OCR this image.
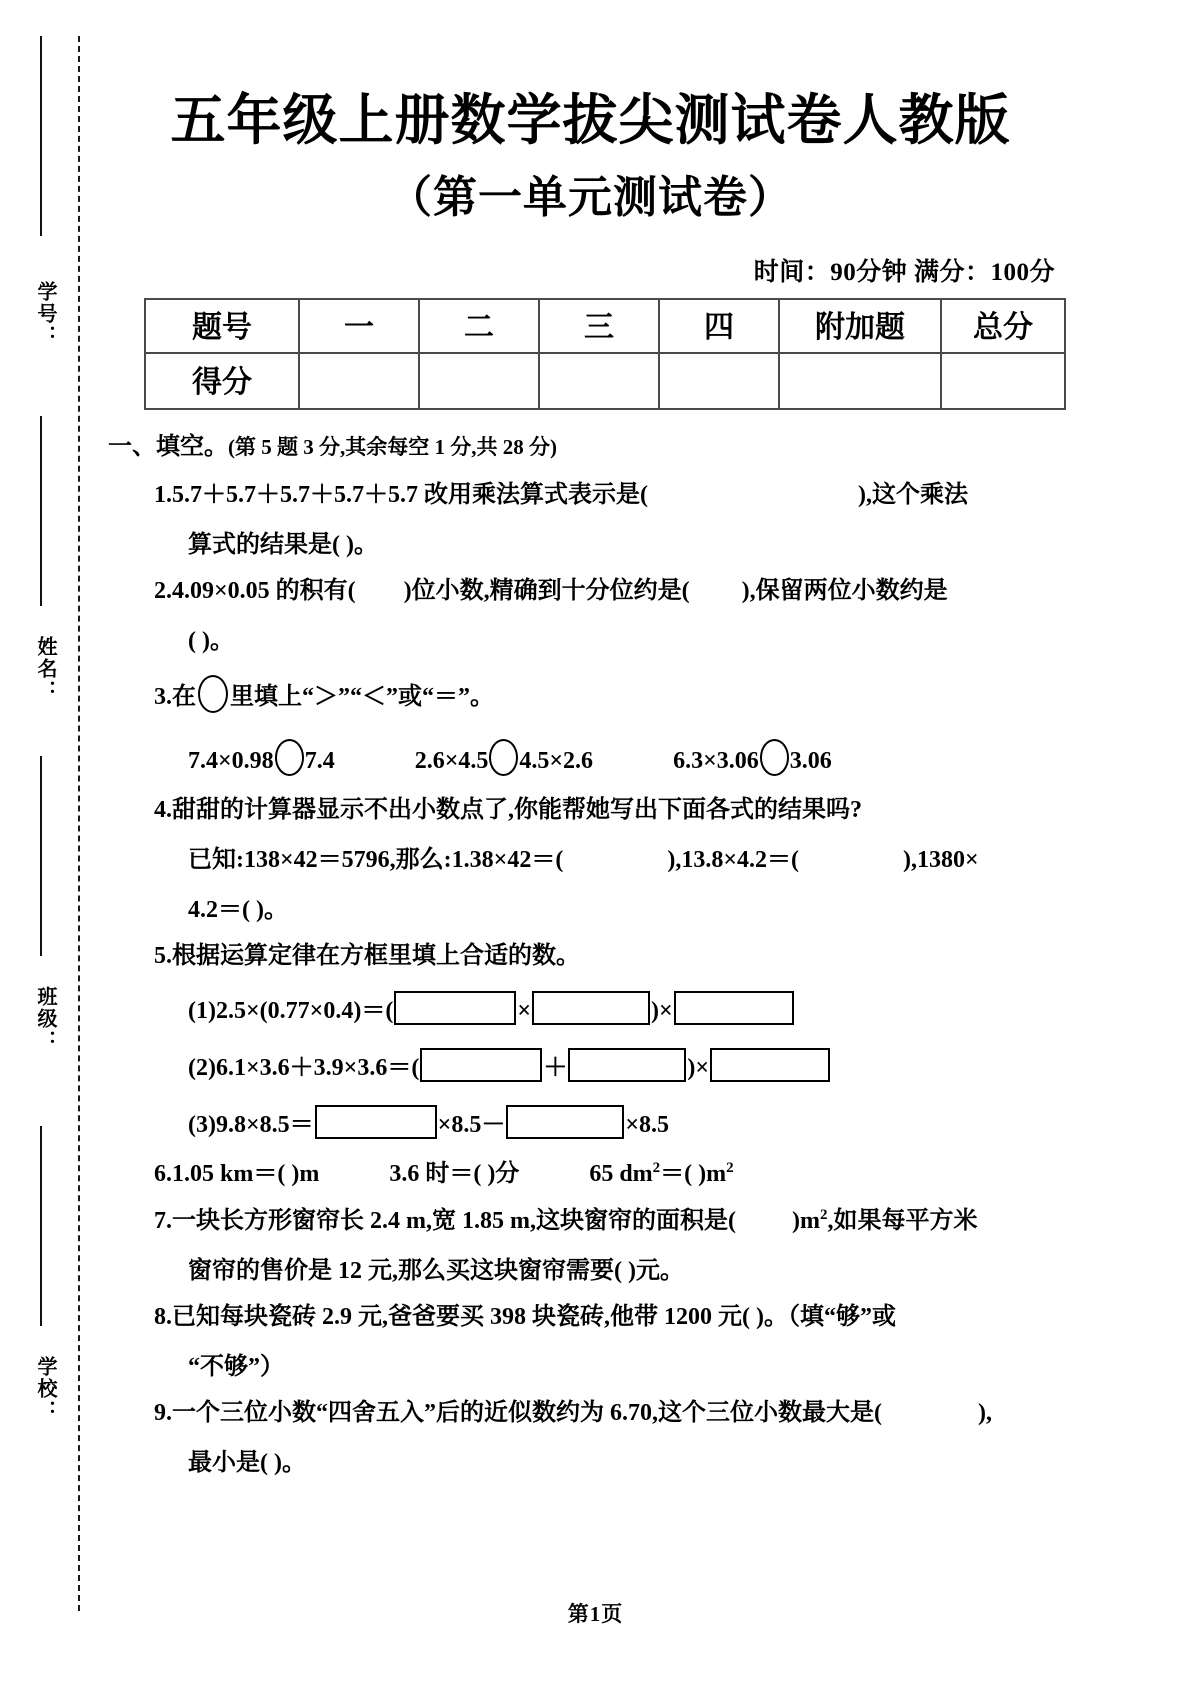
学号：
姓名：
班级：
学校：
五年级上册数学拔尖测试卷人教版
（第一单元测试卷）
时间：90分钟 满分：100分
题号	一	二	三	四	附加题	总分
得分						
一、填空。(第 5 题 3 分,其余每空 1 分,共 28 分)
1.5.7＋5.7＋5.7＋5.7＋5.7 改用乘法算式表示是(	),这个乘法
算式的结果是( )。
2.4.09×0.05 的积有( )位小数,精确到十分位约是( ),保留两位小数约是
( )。
3.在 里填上“＞”“＜”或“＝”。
7.4×0.98 7.4	2.6×4.5 4.5×2.6	6.3×3.06 3.06
4.甜甜的计算器显示不出小数点了,你能帮她写出下面各式的结果吗?
已知:138×42＝5796,那么:1.38×42＝(	),13.8×4.2＝(	),1380×
4.2＝( )。
5.根据运算定律在方框里填上合适的数。
(1)2.5×(0.77×0.4)＝(	×	)×
(2)6.1×3.6＋3.9×3.6＝(	＋	)×
(3)9.8×8.5＝	×8.5－	×8.5
6.1.05 km＝( )m	3.6 时＝( )分	65 $dm^2=$( )$m^2$
7.一块长方形窗帘长 2.4 m,宽 1.85 m,这块窗帘的面积是( )$m^2$,如果每平方米
窗帘的售价是 12 元,那么买这块窗帘需要( )元。
8.已知每块瓷砖 2.9 元,爸爸要买 398 块瓷砖,他带 1200 元( )。（填“够”或
“不够”）
9.一个三位小数“四舍五入”后的近似数约为 6.70,这个三位小数最大是(	),
最小是( )。
第1页
